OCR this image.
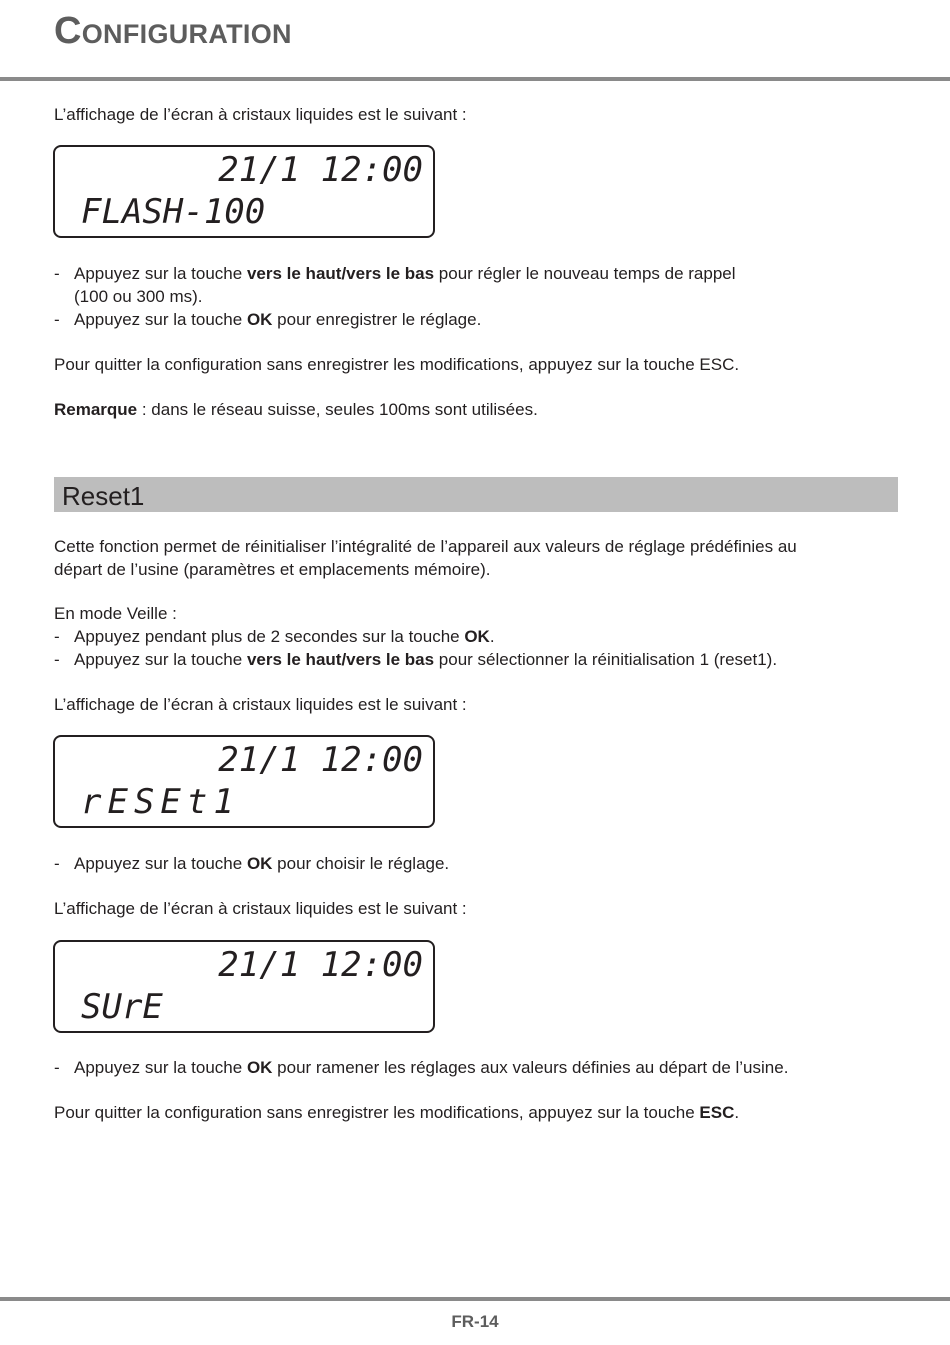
CONFIGURATION

L’affichage de l’écran à cristaux liquides est le suivant :

21/1 12:00
FLASH-100

- Appuyez sur la touche vers le haut/vers le bas pour régler le nouveau temps de rappel
(100 ou 300 ms).

- Appuyez sur la touche OK pour enregistrer le réglage.

Pour quitter la configuration sans enregistrer les modifications, appuyez sur la touche ESC.

Remarque : dans le réseau suisse, seules 100ms sont utilisées.

Reset1

Cette fonction permet de réinitialiser l’intégralité de l’appareil aux valeurs de réglage prédéfinies au
départ de l’usine (paramètres et emplacements mémoire).

En mode Veille :

- Appuyez pendant plus de 2 secondes sur la touche OK.

- Appuyez sur la touche vers le haut/vers le bas pour sélectionner la réinitialisation 1 (reset1).

L’affichage de l’écran à cristaux liquides est le suivant :

21/1 12:00
rESEt1

- Appuyez sur la touche OK pour choisir le réglage.

L’affichage de l’écran à cristaux liquides est le suivant :

21/1 12:00
SUrE

- Appuyez sur la touche OK pour ramener les réglages aux valeurs définies au départ de l’usine.

Pour quitter la configuration sans enregistrer les modifications, appuyez sur la touche ESC.

FR-14
